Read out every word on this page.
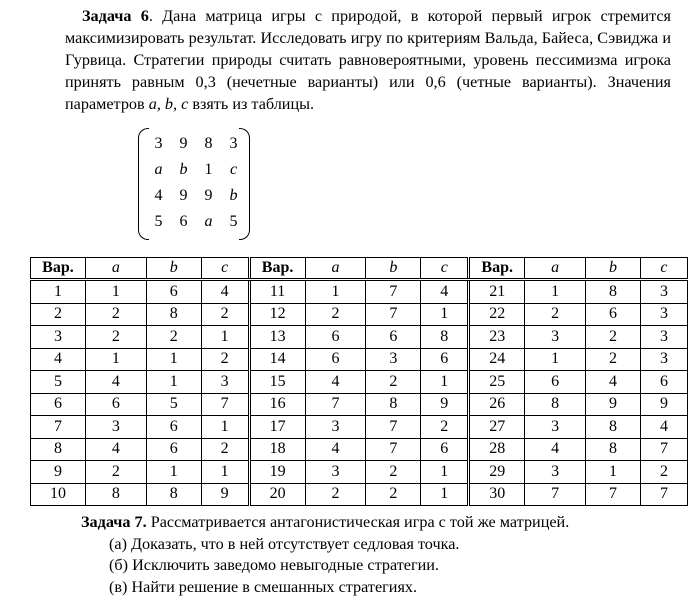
Задача 6. Дана матрица игры с природой, в которой первый игрок стремится максимизировать результат. Исследовать игру по критериям Вальда, Байеса, Сэвиджа и Гурвица. Стратегии природы считать равновероятными, уровень пессимизма игрока принять равным 0,3 (нечетные варианты) или 0,6 (четные варианты). Значения параметров a, b, c взять из таблицы.
3	9	8	3
a	b	1	c
4	9	9	b
5	6	a	5
Вар.	a	b	c	Вар.	a	b	c	Вар.	a	b	c
1	1	6	4	11	1	7	4	21	1	8	3
2	2	8	2	12	2	7	1	22	2	6	3
3	2	2	1	13	6	6	8	23	3	2	3
4	1	1	2	14	6	3	6	24	1	2	3
5	4	1	3	15	4	2	1	25	6	4	6
6	6	5	7	16	7	8	9	26	8	9	9
7	3	6	1	17	3	7	2	27	3	8	4
8	4	6	2	18	4	7	6	28	4	8	7
9	2	1	1	19	3	2	1	29	3	1	2
10	8	8	9	20	2	2	1	30	7	7	7
Задача 7. Рассматривается антагонистическая игра с той же матрицей.
(а) Доказать, что в ней отсутствует седловая точка.
(б) Исключить заведомо невыгодные стратегии.
(в) Найти решение в смешанных стратегиях.
